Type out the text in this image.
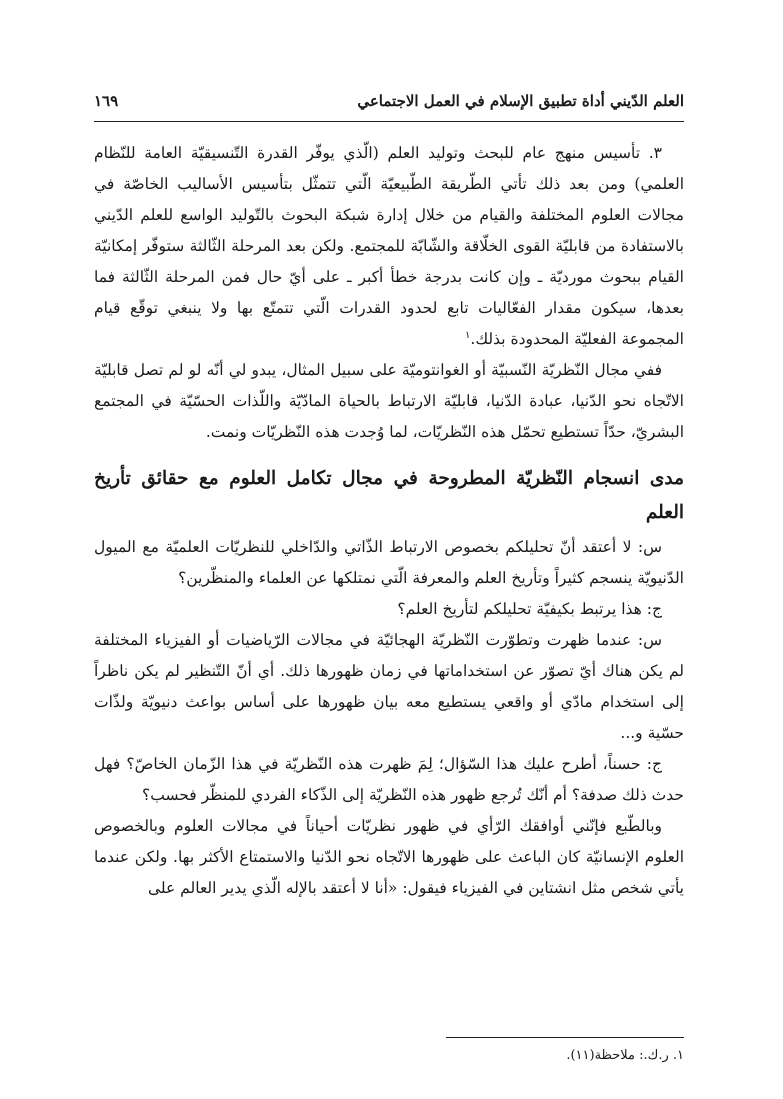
العلم الدّيني أداة تطبيق الإسلام في العمل الاجتماعي
١٦٩

٣. تأسيس منهج عام للبحث وتوليد العلم (الّذي يوفّر القدرة التّنسيقيّة العامة للنّظام العلمي) ومن بعد ذلك تأتي الطّريقة الطّبيعيّة الّتي تتمثّل بتأسيس الأساليب الخاصّة في مجالات العلوم المختلفة والقيام من خلال إدارة شبكة البحوث بالتّوليد الواسع للعلم الدّيني بالاستفادة من قابليّة القوى الخلّاقة والشّابّة للمجتمع. ولكن بعد المرحلة الثّالثة ستوفّر إمكانيّة القيام ببحوث مورديّة ـ وإن كانت بدرجة خطأ أكبر ـ على أيّ حال فمن المرحلة الثّالثة فما بعدها، سيكون مقدار الفعّاليات تابع لحدود القدرات الّتي تتمتّع بها ولا ينبغي توقّع قيام المجموعة الفعليّة المحدودة بذلك.$^١$

ففي مجال النّظريّة النّسبيّة أو الغوانتوميّة على سبيل المثال، يبدو لي أنّه لو لم تصل قابليّة الاتّجاه نحو الدّنيا، عبادة الدّنيا، قابليّة الارتباط بالحياة المادّيّة واللّذات الحسّيّة في المجتمع البشريّ، حدّاً تستطيع تحمّل هذه النّظريّات، لما وُجدت هذه النّظريّات ونمت.

مدى انسجام النّظريّة المطروحة في مجال تكامل العلوم مع حقائق تأريخ العلم

س: لا أعتقد أنّ تحليلكم بخصوص الارتباط الذّاتي والدّاخلي للنظريّات العلميّة مع الميول الدّنيويّة ينسجم كثيراً وتأريخ العلم والمعرفة الّتي نمتلكها عن العلماء والمنظّرين؟

ج: هذا يرتبط بكيفيّة تحليلكم لتأريخ العلم؟

س: عندما ظهرت وتطوّرت النّظريّة الهجائيّة في مجالات الرّياضيات أو الفيزياء المختلفة لم يكن هناك أيّ تصوّر عن استخداماتها في زمان ظهورها ذلك. أي أنّ التّنظير لم يكن ناظراً إلى استخدام مادّي أو واقعي يستطيع معه بيان ظهورها على أساس بواعث دنيويّة ولذّات حسّية و...

ج: حسناً، أطرح عليك هذا السّؤال؛ لِمَ ظهرت هذه النّظريّة في هذا الزّمان الخاصّ؟ فهل حدث ذلك صدفة؟ أم أنّك تُرجع ظهور هذه النّظريّة إلى الذّكاء الفردي للمنظّر فحسب؟

وبالطّبع فإنّني أوافقك الرّأي في ظهور نظريّات أحياناً في مجالات العلوم وبالخصوص العلوم الإنسانيّة كان الباعث على ظهورها الاتّجاه نحو الدّنيا والاستمتاع الأكثر بها. ولكن عندما يأتي شخص مثل انشتاين في الفيزياء فيقول: «أنا لا أعتقد بالإله الّذي يدير العالم على

١. ر.ك.: ملاحظة(١١).
